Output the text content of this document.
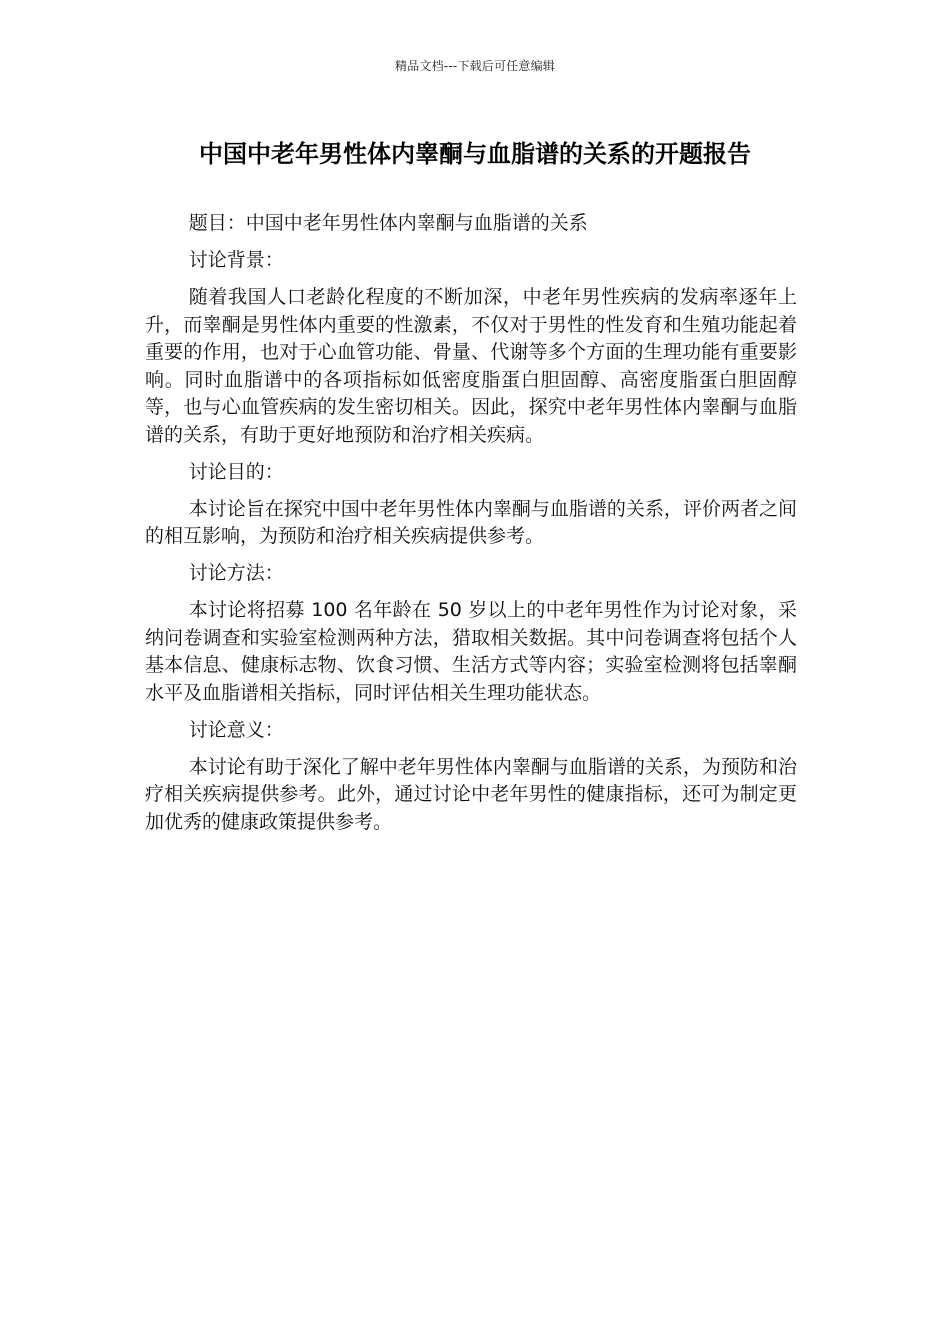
精品文档---下载后可任意编辑
中国中老年男性体内睾酮与血脂谱的关系的开题报告

题目：中国中老年男性体内睾酮与血脂谱的关系

讨论背景：

随着我国人口老龄化程度的不断加深，中老年男性疾病的发病率逐年上升，而睾酮是男性体内重要的性激素，不仅对于男性的性发育和生殖功能起着重要的作用，也对于心血管功能、骨量、代谢等多个方面的生理功能有重要影响。同时血脂谱中的各项指标如低密度脂蛋白胆固醇、高密度脂蛋白胆固醇等，也与心血管疾病的发生密切相关。因此，探究中老年男性体内睾酮与血脂谱的关系，有助于更好地预防和治疗相关疾病。

讨论目的：

本讨论旨在探究中国中老年男性体内睾酮与血脂谱的关系，评价两者之间的相互影响，为预防和治疗相关疾病提供参考。

讨论方法：

本讨论将招募 100 名年龄在 50 岁以上的中老年男性作为讨论对象，采纳问卷调查和实验室检测两种方法，猎取相关数据。其中问卷调查将包括个人基本信息、健康标志物、饮食习惯、生活方式等内容；实验室检测将包括睾酮水平及血脂谱相关指标，同时评估相关生理功能状态。

讨论意义：

本讨论有助于深化了解中老年男性体内睾酮与血脂谱的关系，为预防和治疗相关疾病提供参考。此外，通过讨论中老年男性的健康指标，还可为制定更加优秀的健康政策提供参考。
